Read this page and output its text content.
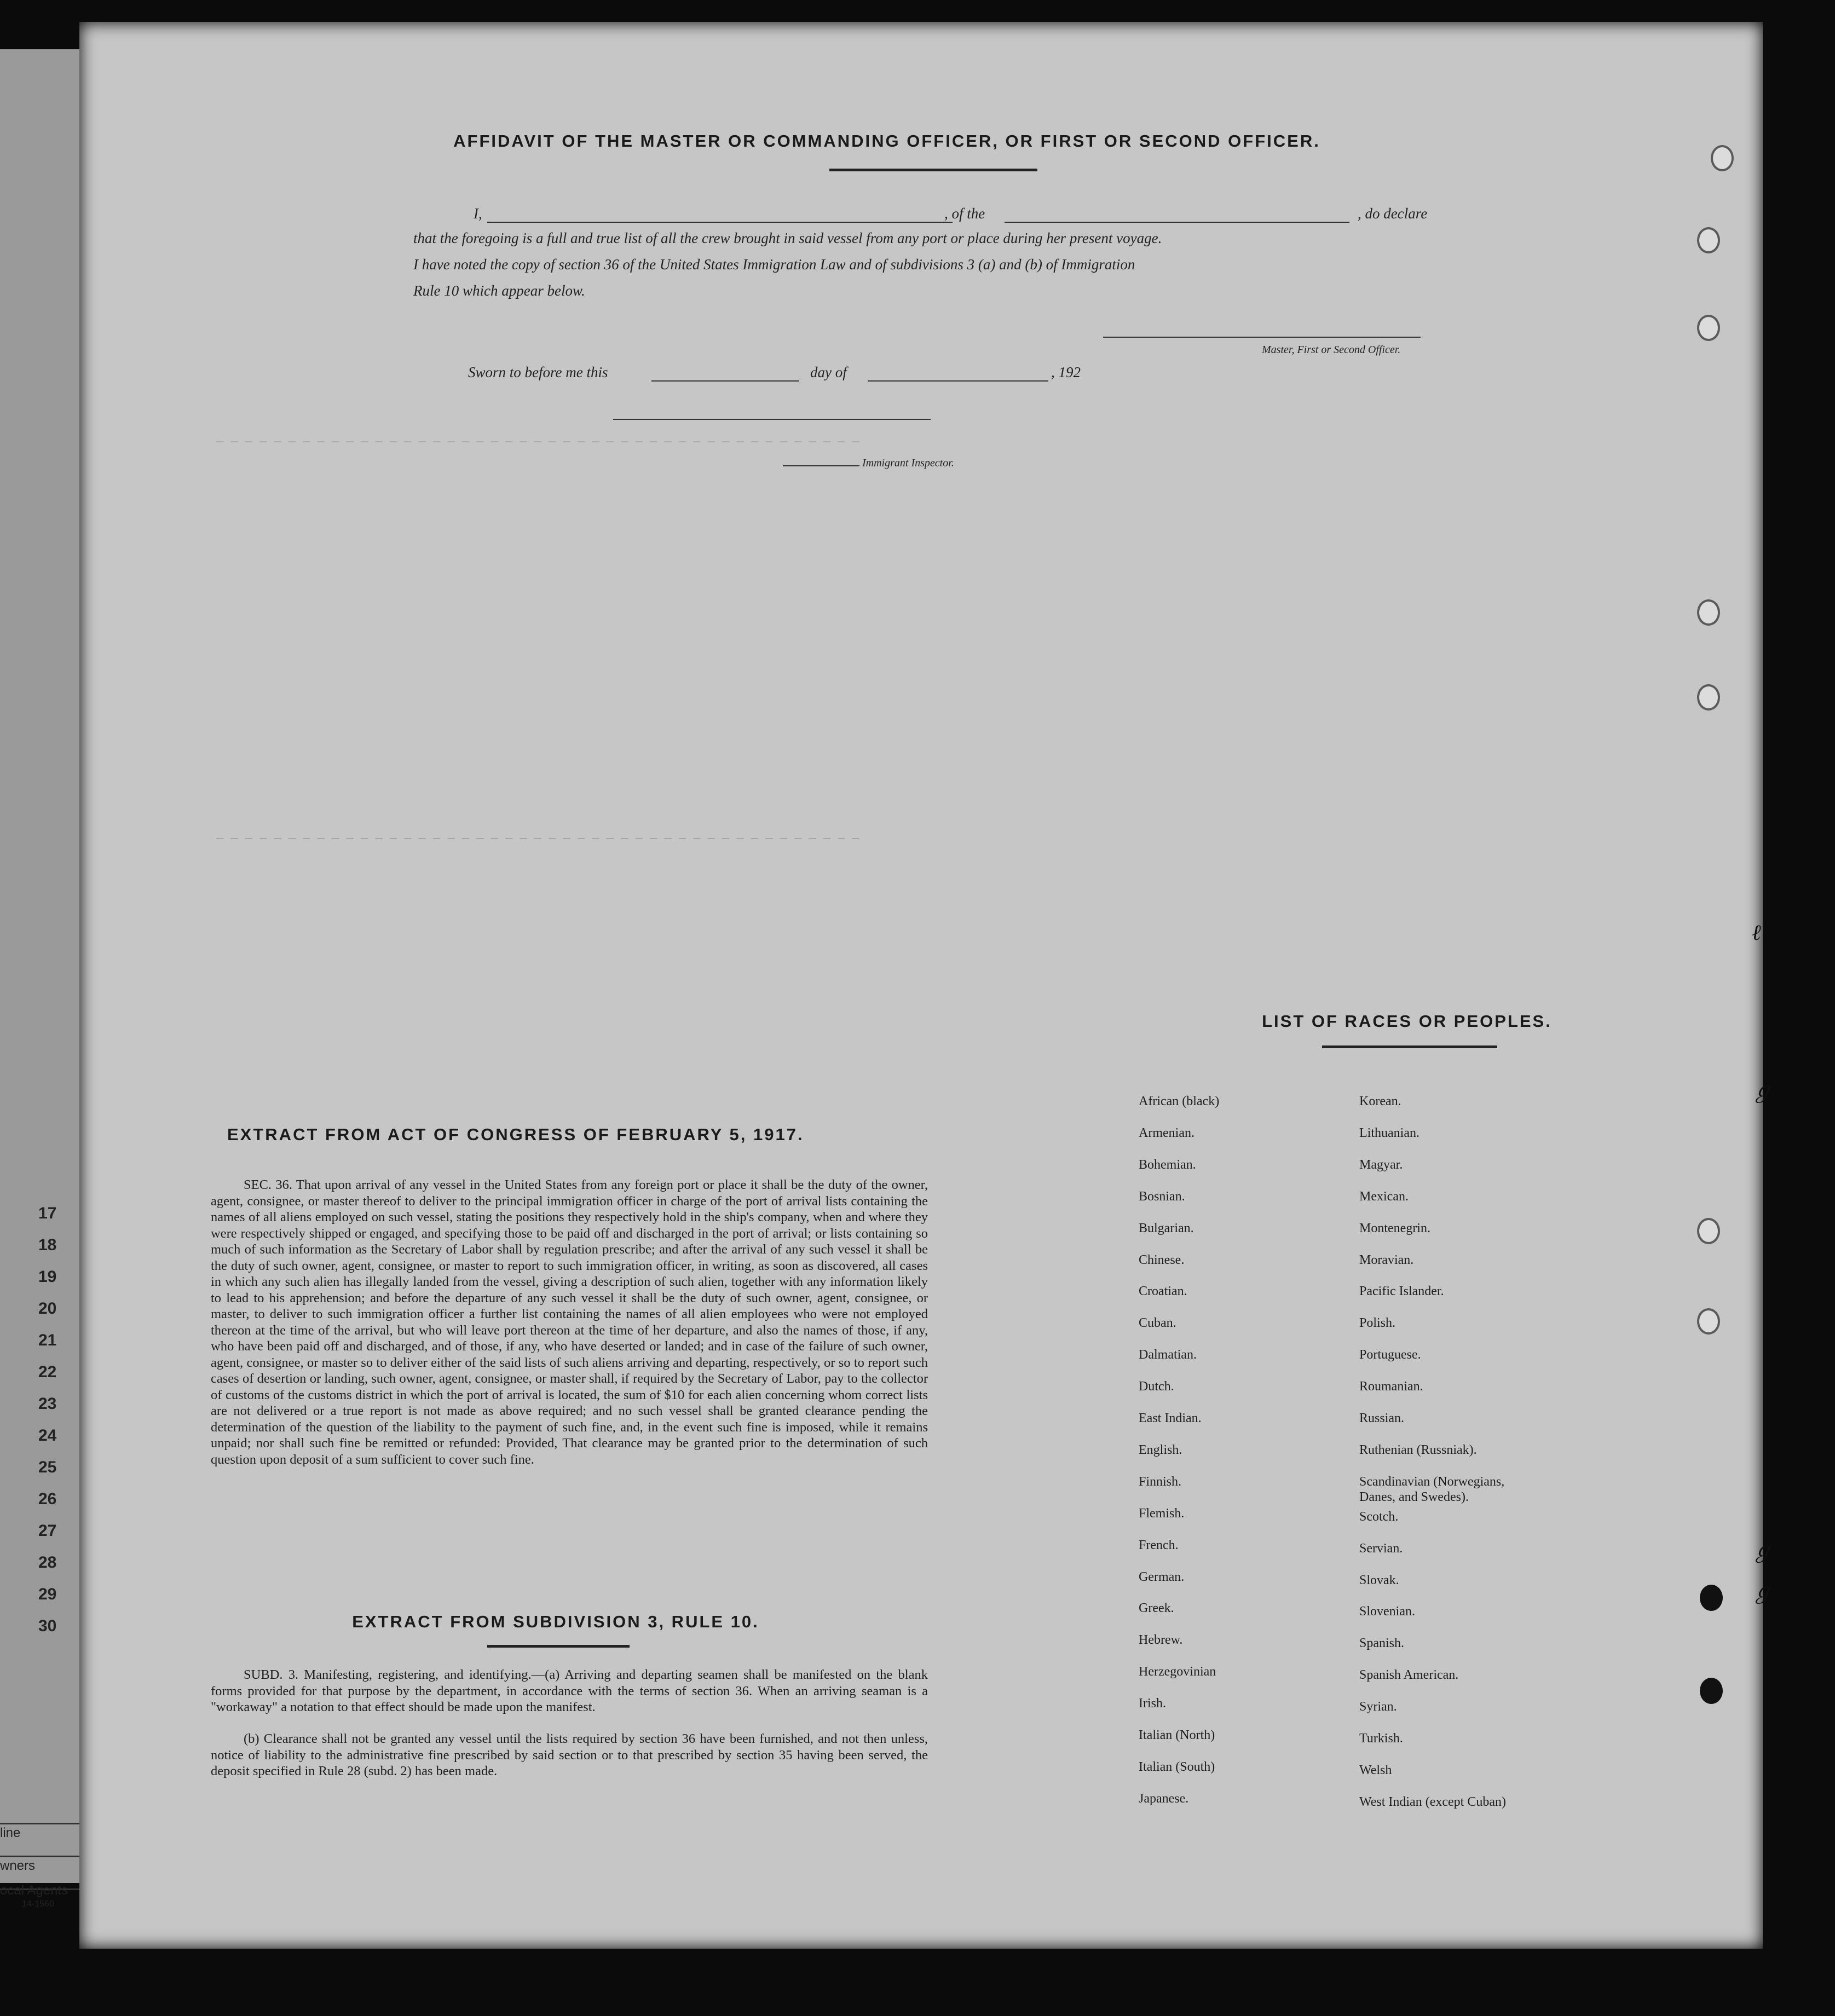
17
18
19
20
21
22
23
24
25
26
27
28
29
30
line
wners
ocal Agents
14-1560
— — — — — — — — — — — — — — — — — — — — — — — — — — — — — — — — — — — — — — — — — — — — —
— — — — — — — — — — — — — — — — — — — — — — — — — — — — — — — — — — — — — — — — — — — — —
AFFIDAVIT OF THE MASTER OR COMMANDING OFFICER, OR FIRST OR SECOND OFFICER.
I,	, of the	, do declare
that the foregoing is a full and true list of all the crew brought in said vessel from any port or place during her present voyage.
I have noted the copy of section 36 of the United States Immigration Law and of subdivisions 3 (a) and (b) of Immigration
Rule 10 which appear below.
Master, First or Second Officer.
Sworn to before me this	day of	, 192
Immigrant Inspector.
EXTRACT FROM ACT OF CONGRESS OF FEBRUARY 5, 1917.
SEC. 36. That upon arrival of any vessel in the United States from any foreign port or place it shall be the duty of the owner, agent, consignee, or master thereof to deliver to the principal immigration officer in charge of the port of arrival lists containing the names of all aliens employed on such vessel, stating the positions they respectively hold in the ship's company, when and where they were respectively shipped or engaged, and specifying those to be paid off and discharged in the port of arrival; or lists containing so much of such information as the Secretary of Labor shall by regulation prescribe; and after the arrival of any such vessel it shall be the duty of such owner, agent, consignee, or master to report to such immigration officer, in writing, as soon as discovered, all cases in which any such alien has illegally landed from the vessel, giving a description of such alien, together with any information likely to lead to his apprehension; and before the departure of any such vessel it shall be the duty of such owner, agent, consignee, or master, to deliver to such immigration officer a further list containing the names of all alien employees who were not employed thereon at the time of the arrival, but who will leave port thereon at the time of her departure, and also the names of those, if any, who have been paid off and discharged, and of those, if any, who have deserted or landed; and in case of the failure of such owner, agent, consignee, or master so to deliver either of the said lists of such aliens arriving and departing, respectively, or so to report such cases of desertion or landing, such owner, agent, consignee, or master shall, if required by the Secretary of Labor, pay to the collector of customs of the customs district in which the port of arrival is located, the sum of $10 for each alien concerning whom correct lists are not delivered or a true report is not made as above required; and no such vessel shall be granted clearance pending the determination of the question of the liability to the payment of such fine, and, in the event such fine is imposed, while it remains unpaid; nor shall such fine be remitted or refunded: Provided, That clearance may be granted prior to the determination of such question upon deposit of a sum sufficient to cover such fine.
EXTRACT FROM SUBDIVISION 3, RULE 10.
SUBD. 3. Manifesting, registering, and identifying.—(a) Arriving and departing seamen shall be manifested on the blank forms provided for that purpose by the department, in accordance with the terms of section 36. When an arriving seaman is a "workaway" a notation to that effect should be made upon the manifest.
(b) Clearance shall not be granted any vessel until the lists required by section 36 have been furnished, and not then unless, notice of liability to the administrative fine prescribed by said section or to that prescribed by section 35 having been served, the deposit specified in Rule 28 (subd. 2) has been made.
LIST OF RACES OR PEOPLES.
African (black)
Armenian.
Bohemian.
Bosnian.
Bulgarian.
Chinese.
Croatian.
Cuban.
Dalmatian.
Dutch.
East Indian.
English.
Finnish.
Flemish.
French.
German.
Greek.
Hebrew.
Herzegovinian
Irish.
Italian (North)
Italian (South)
Japanese.
Korean.
Lithuanian.
Magyar.
Mexican.
Montenegrin.
Moravian.
Pacific Islander.
Polish.
Portuguese.
Roumanian.
Russian.
Ruthenian (Russniak).
Scandinavian (Norwegians,
Danes, and Swedes).
Scotch.
Servian.
Slovak.
Slovenian.
Spanish.
Spanish American.
Syrian.
Turkish.
Welsh
West Indian (except Cuban)
ℓ
ℊ
ℊ
ℊ
